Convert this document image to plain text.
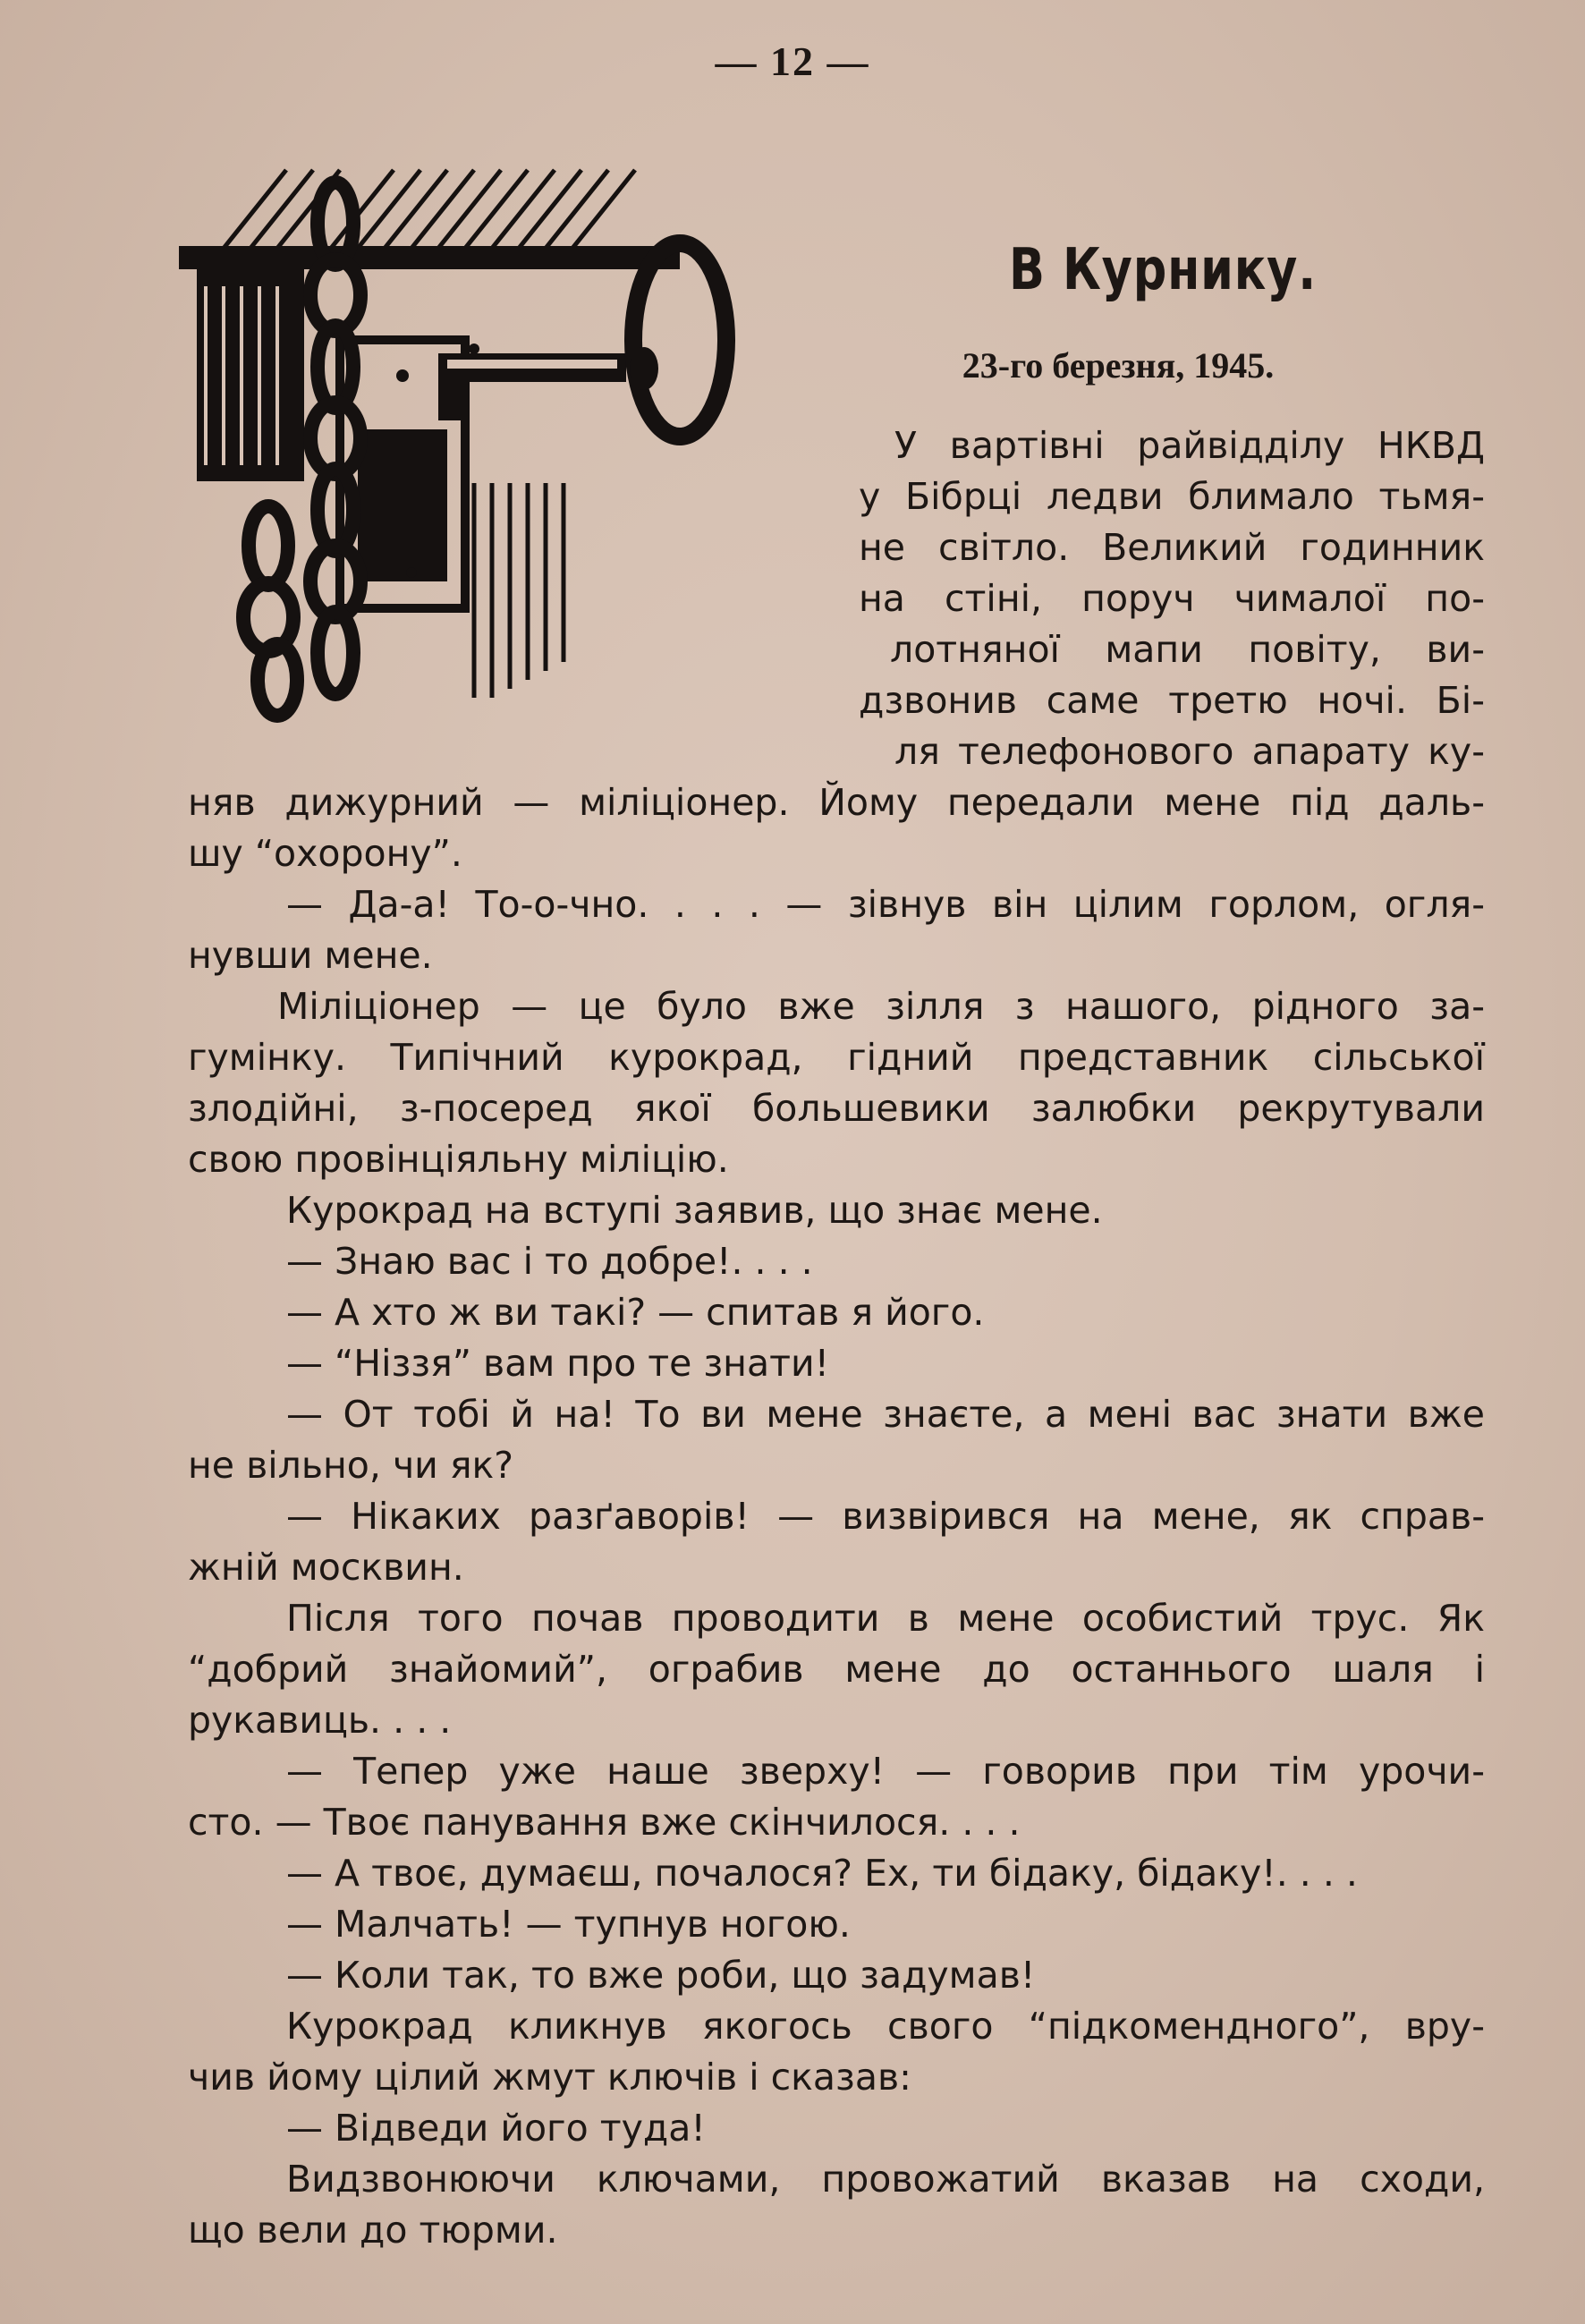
— 12 —
В Курнику.
23-го березня, 1945.
У вартівні райвідділу НКВД
у Бібрці ледви блимало тьмя-
не світло. Великий годинник
на стіні, поруч чималої по-
лотняної мапи повіту, ви-
дзвонив саме третю ночі. Бі-
ля телефонового апарату ку-
няв дижурний — міліціонер. Йому передали мене під даль-
шу “охорону”.
— Да-а! То-о-чно. . . . — зівнув він цілим горлом, огля-
нувши мене.
Міліціонер — це було вже зілля з нашого, рідного за-
гумінку. Типічний курокрад, гідний представник сільської
злодійні, з-посеред якої большевики залюбки рекрутували
свою провінціяльну міліцію.
Курокрад на вступі заявив, що знає мене.
— Знаю вас і то добре!. . . .
— А хто ж ви такі? — спитав я його.
— “Ніззя” вам про те знати!
— От тобі й на! То ви мене знаєте, а мені вас знати вже
не вільно, чи як?
— Нікаких разґаворів! — визвірився на мене, як справ-
жній москвин.
Після того почав проводити в мене особистий трус. Як
“добрий знайомий”, ограбив мене до останнього шаля і
рукавиць. . . .
— Тепер уже наше зверху! — говорив при тім урочи-
сто. — Твоє панування вже скінчилося. . . .
— А твоє, думаєш, почалося? Ех, ти бідаку, бідаку!. . . .
— Малчать! — тупнув ногою.
— Коли так, то вже роби, що задумав!
Курокрад кликнув якогось свого “підкомендного”, вру-
чив йому цілий жмут ключів і сказав:
— Відведи його туда!
Видзвонюючи ключами, провожатий вказав на сходи,
що вели до тюрми.
